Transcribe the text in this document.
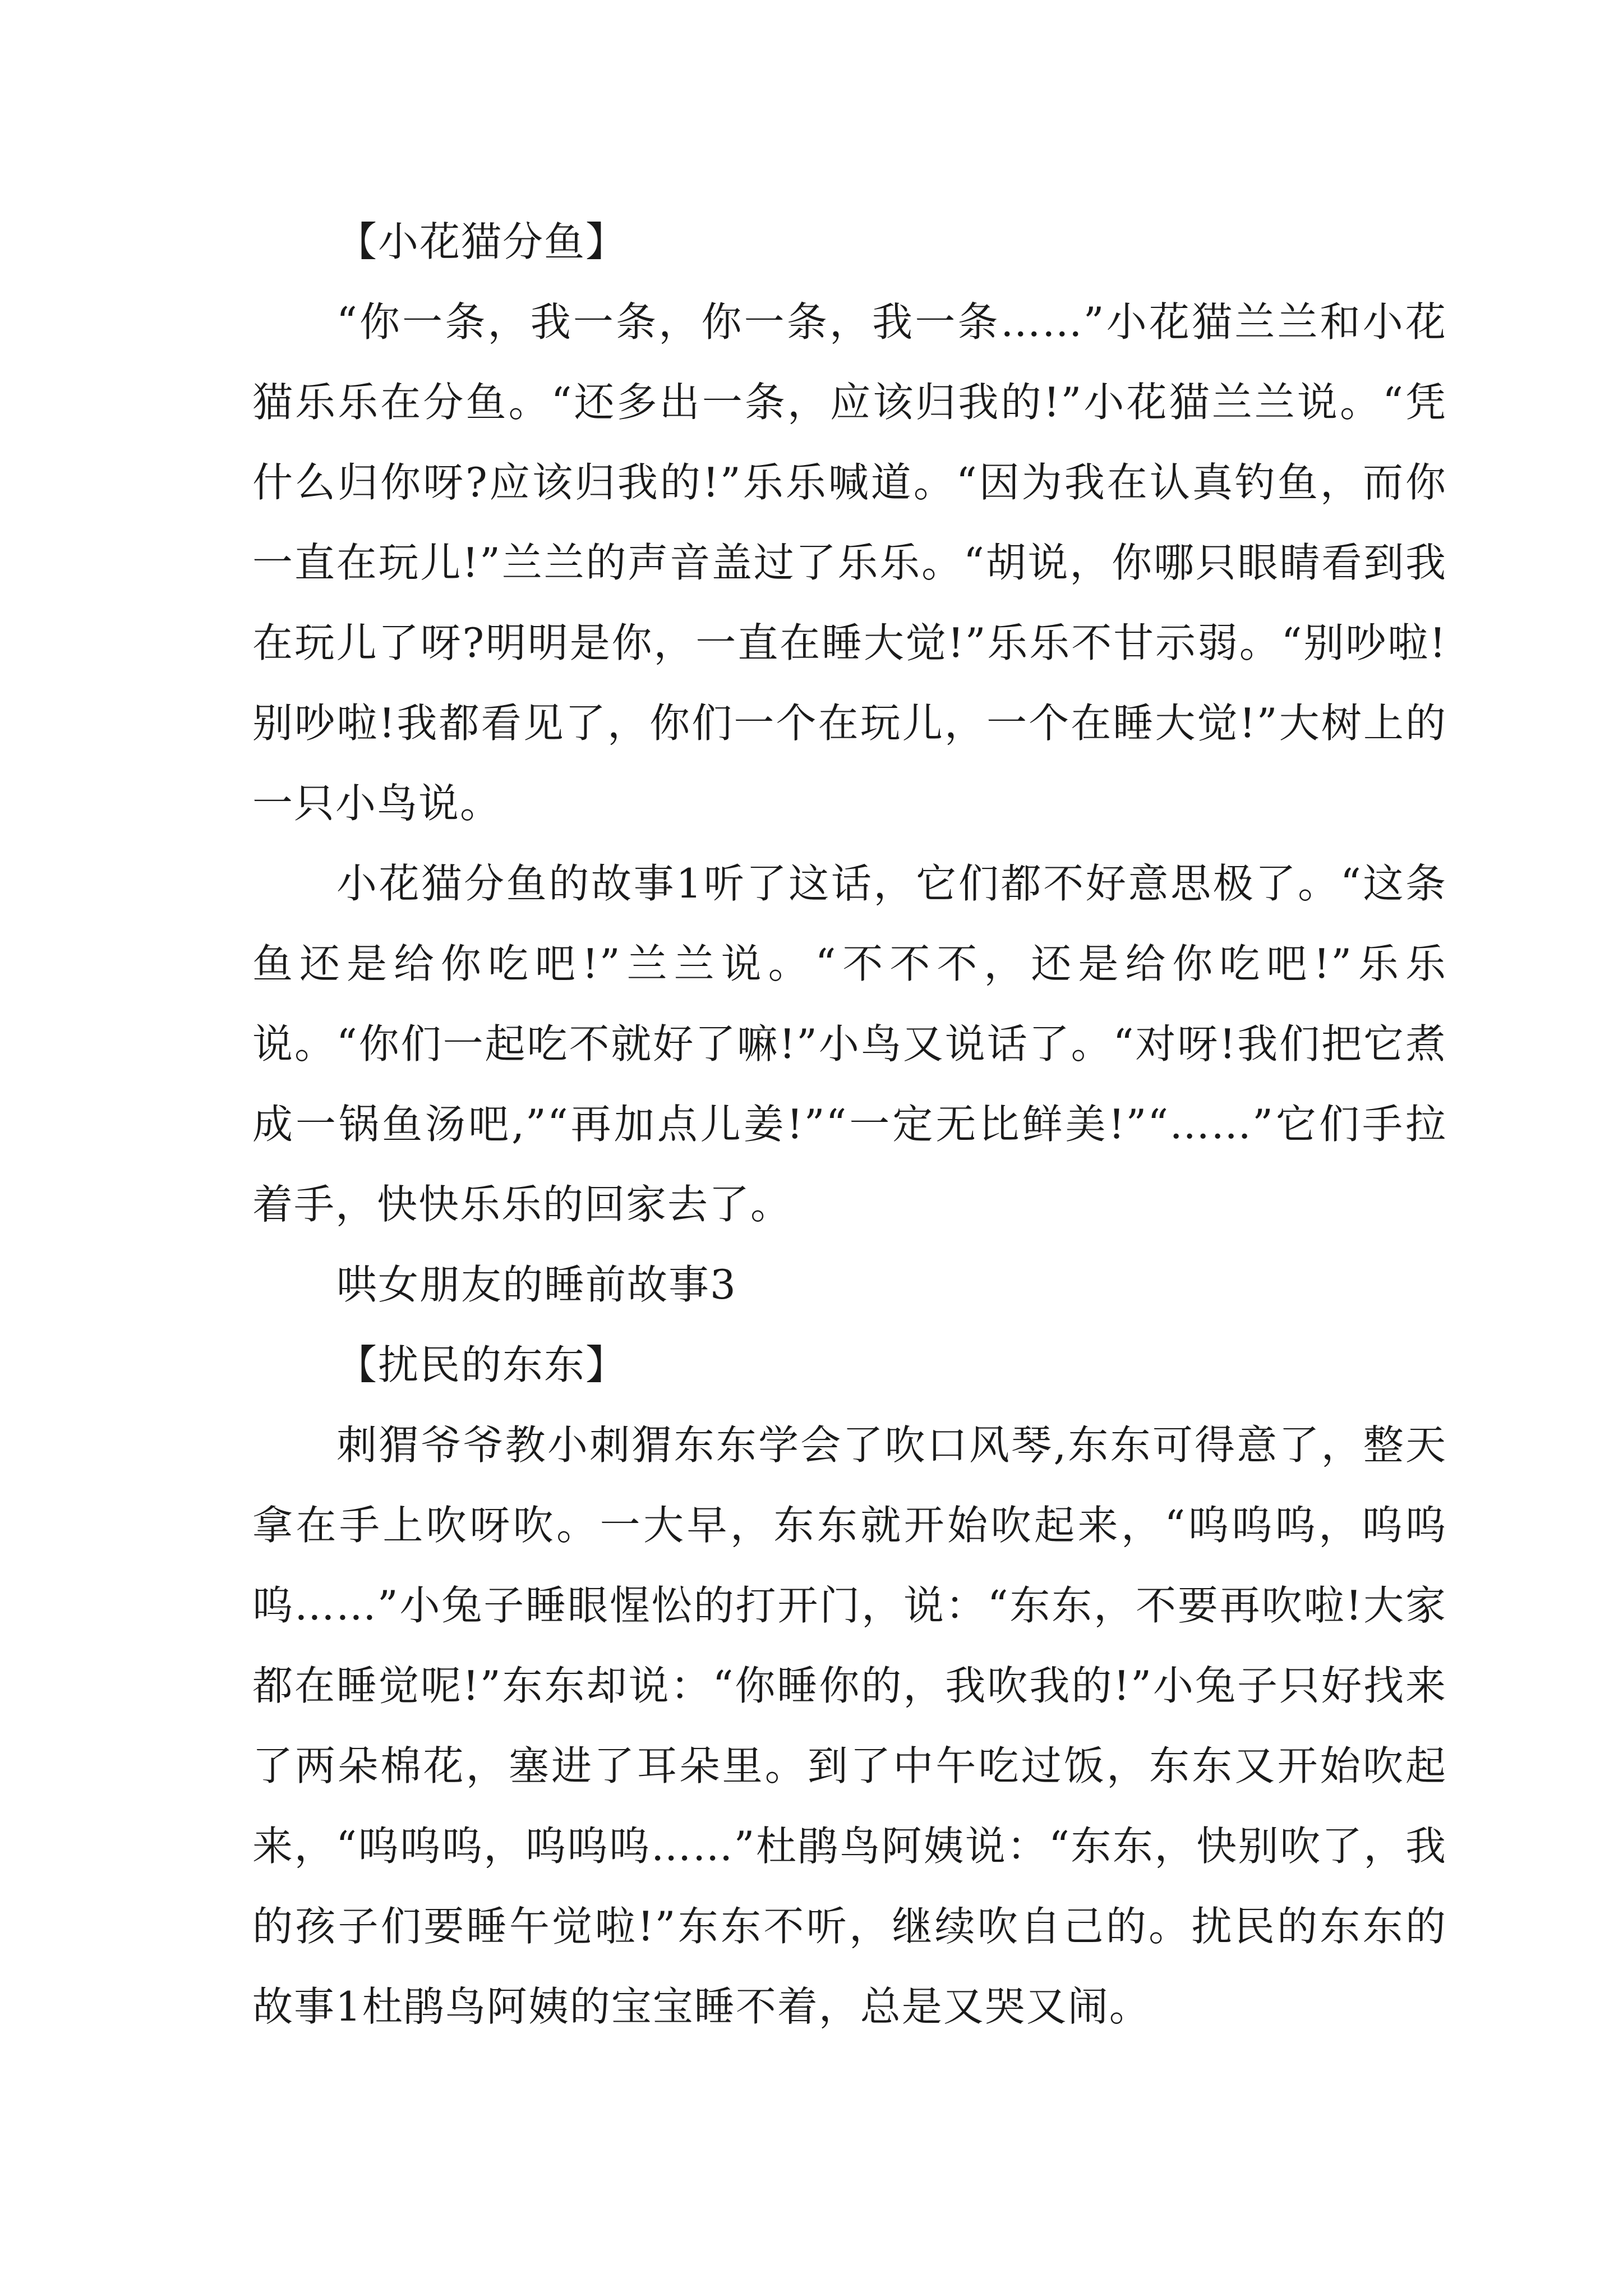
【小花猫分鱼】

“你一条，我一条，你一条，我一条……”小花猫兰兰和小花猫乐乐在分鱼。“还多出一条，应该归我的!”小花猫兰兰说。“凭什么归你呀?应该归我的!”乐乐喊道。“因为我在认真钓鱼，而你一直在玩儿!”兰兰的声音盖过了乐乐。“胡说，你哪只眼睛看到我在玩儿了呀?明明是你，一直在睡大觉!”乐乐不甘示弱。“别吵啦!别吵啦!我都看见了，你们一个在玩儿，一个在睡大觉!”大树上的一只小鸟说。

小花猫分鱼的故事1听了这话，它们都不好意思极了。“这条鱼还是给你吃吧!”兰兰说。“不不不，还是给你吃吧!”乐乐说。“你们一起吃不就好了嘛!”小鸟又说话了。“对呀!我们把它煮成一锅鱼汤吧,”“再加点儿姜!”“一定无比鲜美!”“……”它们手拉着手，快快乐乐的回家去了。

哄女朋友的睡前故事3

【扰民的东东】

刺猬爷爷教小刺猬东东学会了吹口风琴,东东可得意了，整天拿在手上吹呀吹。一大早，东东就开始吹起来，“呜呜呜，呜呜呜……”小兔子睡眼惺忪的打开门，说：“东东，不要再吹啦!大家都在睡觉呢!”东东却说：“你睡你的，我吹我的!”小兔子只好找来了两朵棉花，塞进了耳朵里。到了中午吃过饭，东东又开始吹起来，“呜呜呜，呜呜呜……”杜鹃鸟阿姨说：“东东，快别吹了，我的孩子们要睡午觉啦!”东东不听，继续吹自己的。扰民的东东的故事1杜鹃鸟阿姨的宝宝睡不着，总是又哭又闹。
